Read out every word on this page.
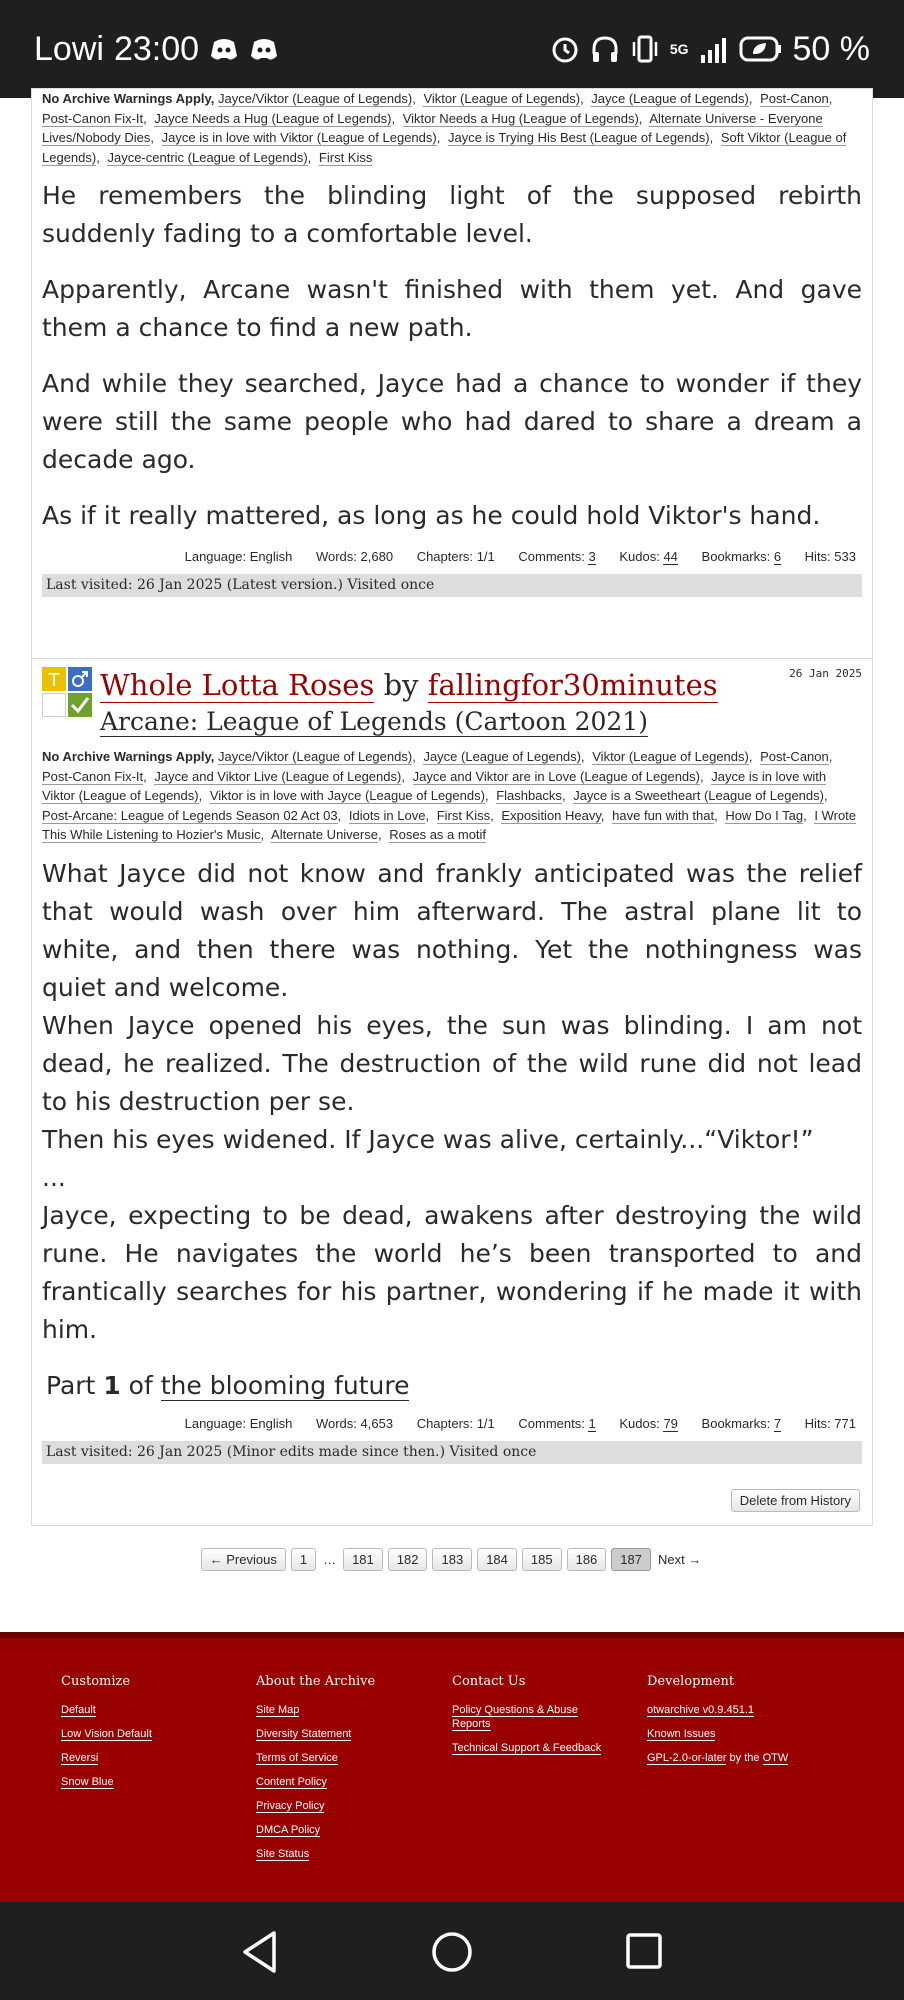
Lowi 23:00	5G	50 %
No Archive Warnings Apply, Jayce/Viktor (League of Legends), Viktor (League of Legends), Jayce (League of Legends), Post-Canon, Post-Canon Fix-It, Jayce Needs a Hug (League of Legends), Viktor Needs a Hug (League of Legends), Alternate Universe - Everyone Lives/Nobody Dies, Jayce is in love with Viktor (League of Legends), Jayce is Trying His Best (League of Legends), Soft Viktor (League of Legends), Jayce-centric (League of Legends), First Kiss

He remembers the blinding light of the supposed rebirth suddenly fading to a comfortable level.

Apparently, Arcane wasn't finished with them yet. And gave them a chance to find a new path.

And while they searched, Jayce had a chance to wonder if they were still the same people who had dared to share a dream a decade ago.

As if it really mattered, as long as he could hold Viktor's hand.

Language: English Words: 2,680 Chapters: 1/1 Comments: 3 Kudos: 44 Bookmarks: 6 Hits: 533
Last visited: 26 Jan 2025 (Latest version.) Visited once
T Whole Lotta Roses by fallingfor30minutes
Arcane: League of Legends (Cartoon 2021)
26 Jan 2025
No Archive Warnings Apply, Jayce/Viktor (League of Legends), Jayce (League of Legends), Viktor (League of Legends), Post-Canon, Post-Canon Fix-It, Jayce and Viktor Live (League of Legends), Jayce and Viktor are in Love (League of Legends), Jayce is in love with Viktor (League of Legends), Viktor is in love with Jayce (League of Legends), Flashbacks, Jayce is a Sweetheart (League of Legends), Post-Arcane: League of Legends Season 02 Act 03, Idiots in Love, First Kiss, Exposition Heavy, have fun with that, How Do I Tag, I Wrote This While Listening to Hozier's Music, Alternate Universe, Roses as a motif

What Jayce did not know and frankly anticipated was the relief that would wash over him afterward. The astral plane lit to white, and then there was nothing. Yet the nothingness was quiet and welcome.

When Jayce opened his eyes, the sun was blinding. I am not dead, he realized. The destruction of the wild rune did not lead to his destruction per se.

Then his eyes widened. If Jayce was alive, certainly...“Viktor!”

...

Jayce, expecting to be dead, awakens after destroying the wild rune. He navigates the world he’s been transported to and frantically searches for his partner, wondering if he made it with him.

Part 1 of the blooming future
Language: English Words: 4,653 Chapters: 1/1 Comments: 1 Kudos: 79 Bookmarks: 7 Hits: 771
Last visited: 26 Jan 2025 (Minor edits made since then.) Visited once
Delete from History
← Previous	1	…	181	182	183	184	185	186	187	Next →
Customize
Default
Low Vision Default
Reversi
Snow Blue
About the Archive
Site Map
Diversity Statement
Terms of Service
Content Policy
Privacy Policy
DMCA Policy
Site Status
Contact Us
Policy Questions & Abuse Reports
Technical Support & Feedback
Development
otwarchive v0.9.451.1
Known Issues
GPL-2.0-or-later by the OTW
